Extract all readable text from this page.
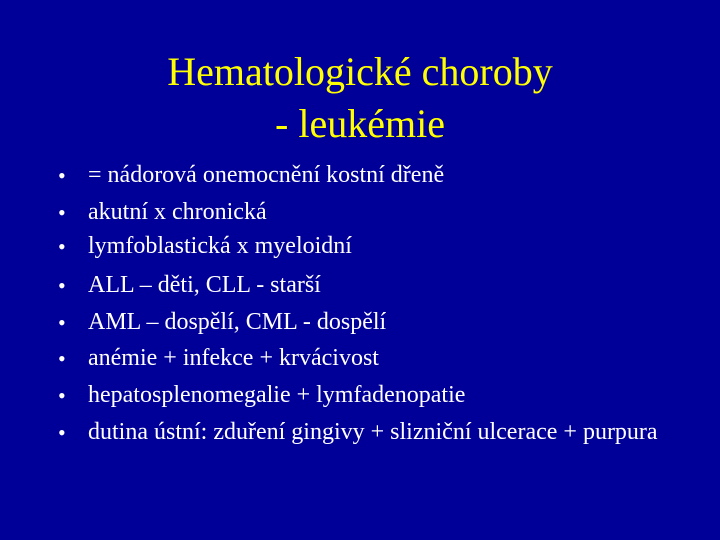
Hematologické choroby
- leukémie
• = nádorová onemocnění kostní dřeně
• akutní x chronická
• lymfoblastická x myeloidní
• ALL – děti, CLL - starší
• AML – dospělí, CML - dospělí
• anémie + infekce + krvácivost
• hepatosplenomegalie + lymfadenopatie
• dutina ústní: zduření gingivy + slizniční ulcerace + purpura
